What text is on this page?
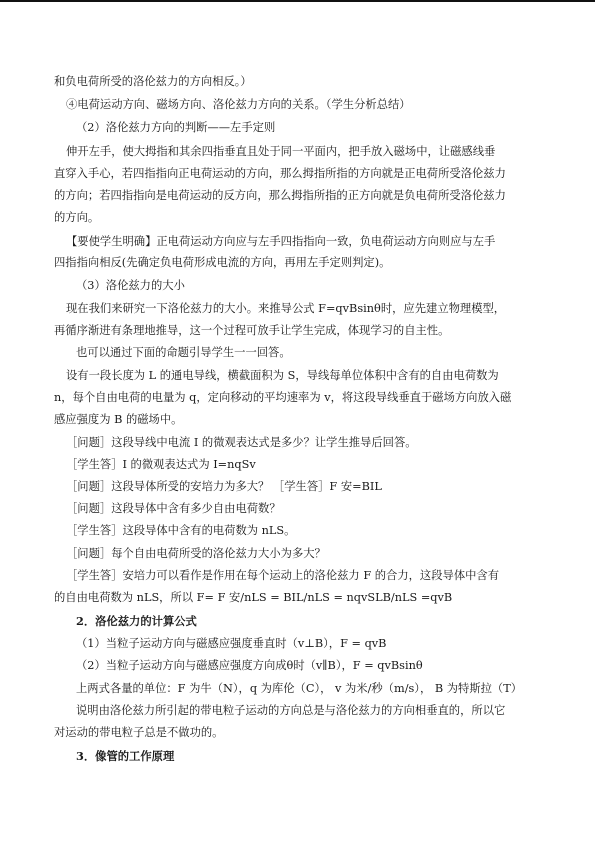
和负电荷所受的洛伦兹力的方向相反。）
④电荷运动方向、磁场方向、洛伦兹力方向的关系。（学生分析总结）
（2）洛伦兹力方向的判断——左手定则
伸开左手，使大拇指和其余四指垂直且处于同一平面内，把手放入磁场中，让磁感线垂
直穿入手心，若四指指向正电荷运动的方向，那么拇指所指的方向就是正电荷所受洛伦兹力
的方向；若四指指向是电荷运动的反方向，那么拇指所指的正方向就是负电荷所受洛伦兹力
的方向。
【要使学生明确】正电荷运动方向应与左手四指指向一致，负电荷运动方向则应与左手
四指指向相反(先确定负电荷形成电流的方向，再用左手定则判定)。
（3）洛伦兹力的大小
现在我们来研究一下洛伦兹力的大小。来推导公式 F=qvBsinθ时，应先建立物理模型，
再循序渐进有条理地推导，这一个过程可放手让学生完成，体现学习的自主性。
也可以通过下面的命题引导学生一一回答。
设有一段长度为 L 的通电导线，横截面积为 S，导线每单位体积中含有的自由电荷数为
n，每个自由电荷的电量为 q，定向移动的平均速率为 v，将这段导线垂直于磁场方向放入磁
感应强度为 B 的磁场中。
［问题］这段导线中电流 I 的微观表达式是多少？让学生推导后回答。
［学生答］I 的微观表达式为 I=nqSv
［问题］这段导体所受的安培力为多大？ ［学生答］F 安=BIL
［问题］这段导体中含有多少自由电荷数？
［学生答］这段导体中含有的电荷数为 nLS。
［问题］每个自由电荷所受的洛伦兹力大小为多大？
［学生答］安培力可以看作是作用在每个运动上的洛伦兹力 F 的合力，这段导体中含有
的自由电荷数为 nLS，所以 F= F 安/nLS = BIL/nLS = nqvSLB/nLS =qvB
2．洛伦兹力的计算公式
（1）当粒子运动方向与磁感应强度垂直时（v⊥B），F = qvB
（2）当粒子运动方向与磁感应强度方向成θ时（v∥B），F = qvBsinθ
上两式各量的单位：F 为牛（N），q 为库伦（C）， v 为米/秒（m/s）， B 为特斯拉（T）
说明由洛伦兹力所引起的带电粒子运动的方向总是与洛伦兹力的方向相垂直的，所以它
对运动的带电粒子总是不做功的。
3．像管的工作原理
